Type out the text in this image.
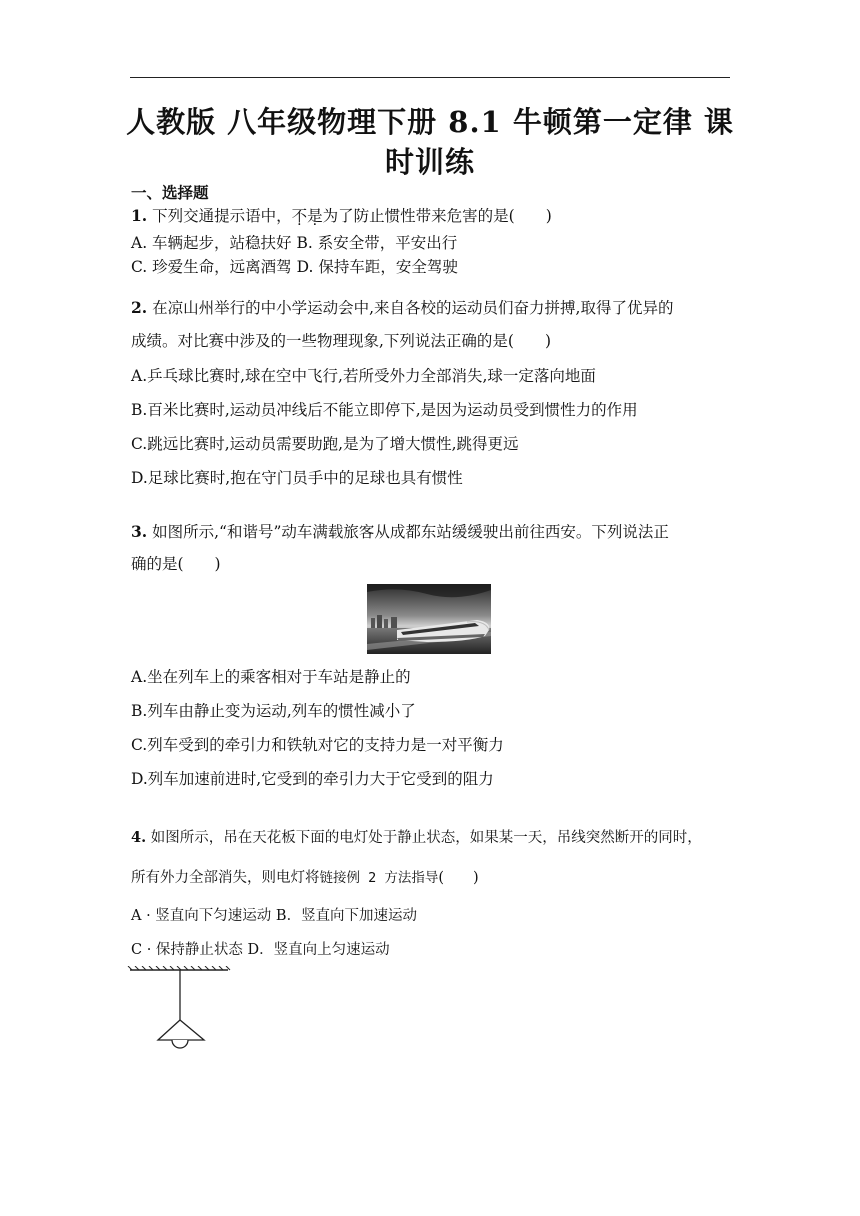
人教版 八年级物理下册 8.1 牛顿第一定律 课时训练
一、选择题
1. 下列交通提示语中，不是为了防止惯性带来危害的是(　　)
A. 车辆起步，站稳扶好 B. 系安全带，平安出行
C. 珍爱生命，远离酒驾 D. 保持车距，安全驾驶
2. 在凉山州举行的中小学运动会中,来自各校的运动员们奋力拼搏,取得了优异的
成绩。对比赛中涉及的一些物理现象,下列说法正确的是(　　)
A.乒乓球比赛时,球在空中飞行,若所受外力全部消失,球一定落向地面
B.百米比赛时,运动员冲线后不能立即停下,是因为运动员受到惯性力的作用
C.跳远比赛时,运动员需要助跑,是为了增大惯性,跳得更远
D.足球比赛时,抱在守门员手中的足球也具有惯性
3. 如图所示,“和谐号”动车满载旅客从成都东站缓缓驶出前往西安。下列说法正
确的是(　　)
A.坐在列车上的乘客相对于车站是静止的
B.列车由静止变为运动,列车的惯性减小了
C.列车受到的牵引力和铁轨对它的支持力是一对平衡力
D.列车加速前进时,它受到的牵引力大于它受到的阻力
4. 如图所示，吊在天花板下面的电灯处于静止状态，如果某一天，吊线突然断开的同时，
所有外力全部消失，则电灯将链接例 2 方法指导(　　)
A · 竖直向下匀速运动 B．竖直向下加速运动
C · 保持静止状态 D．竖直向上匀速运动
